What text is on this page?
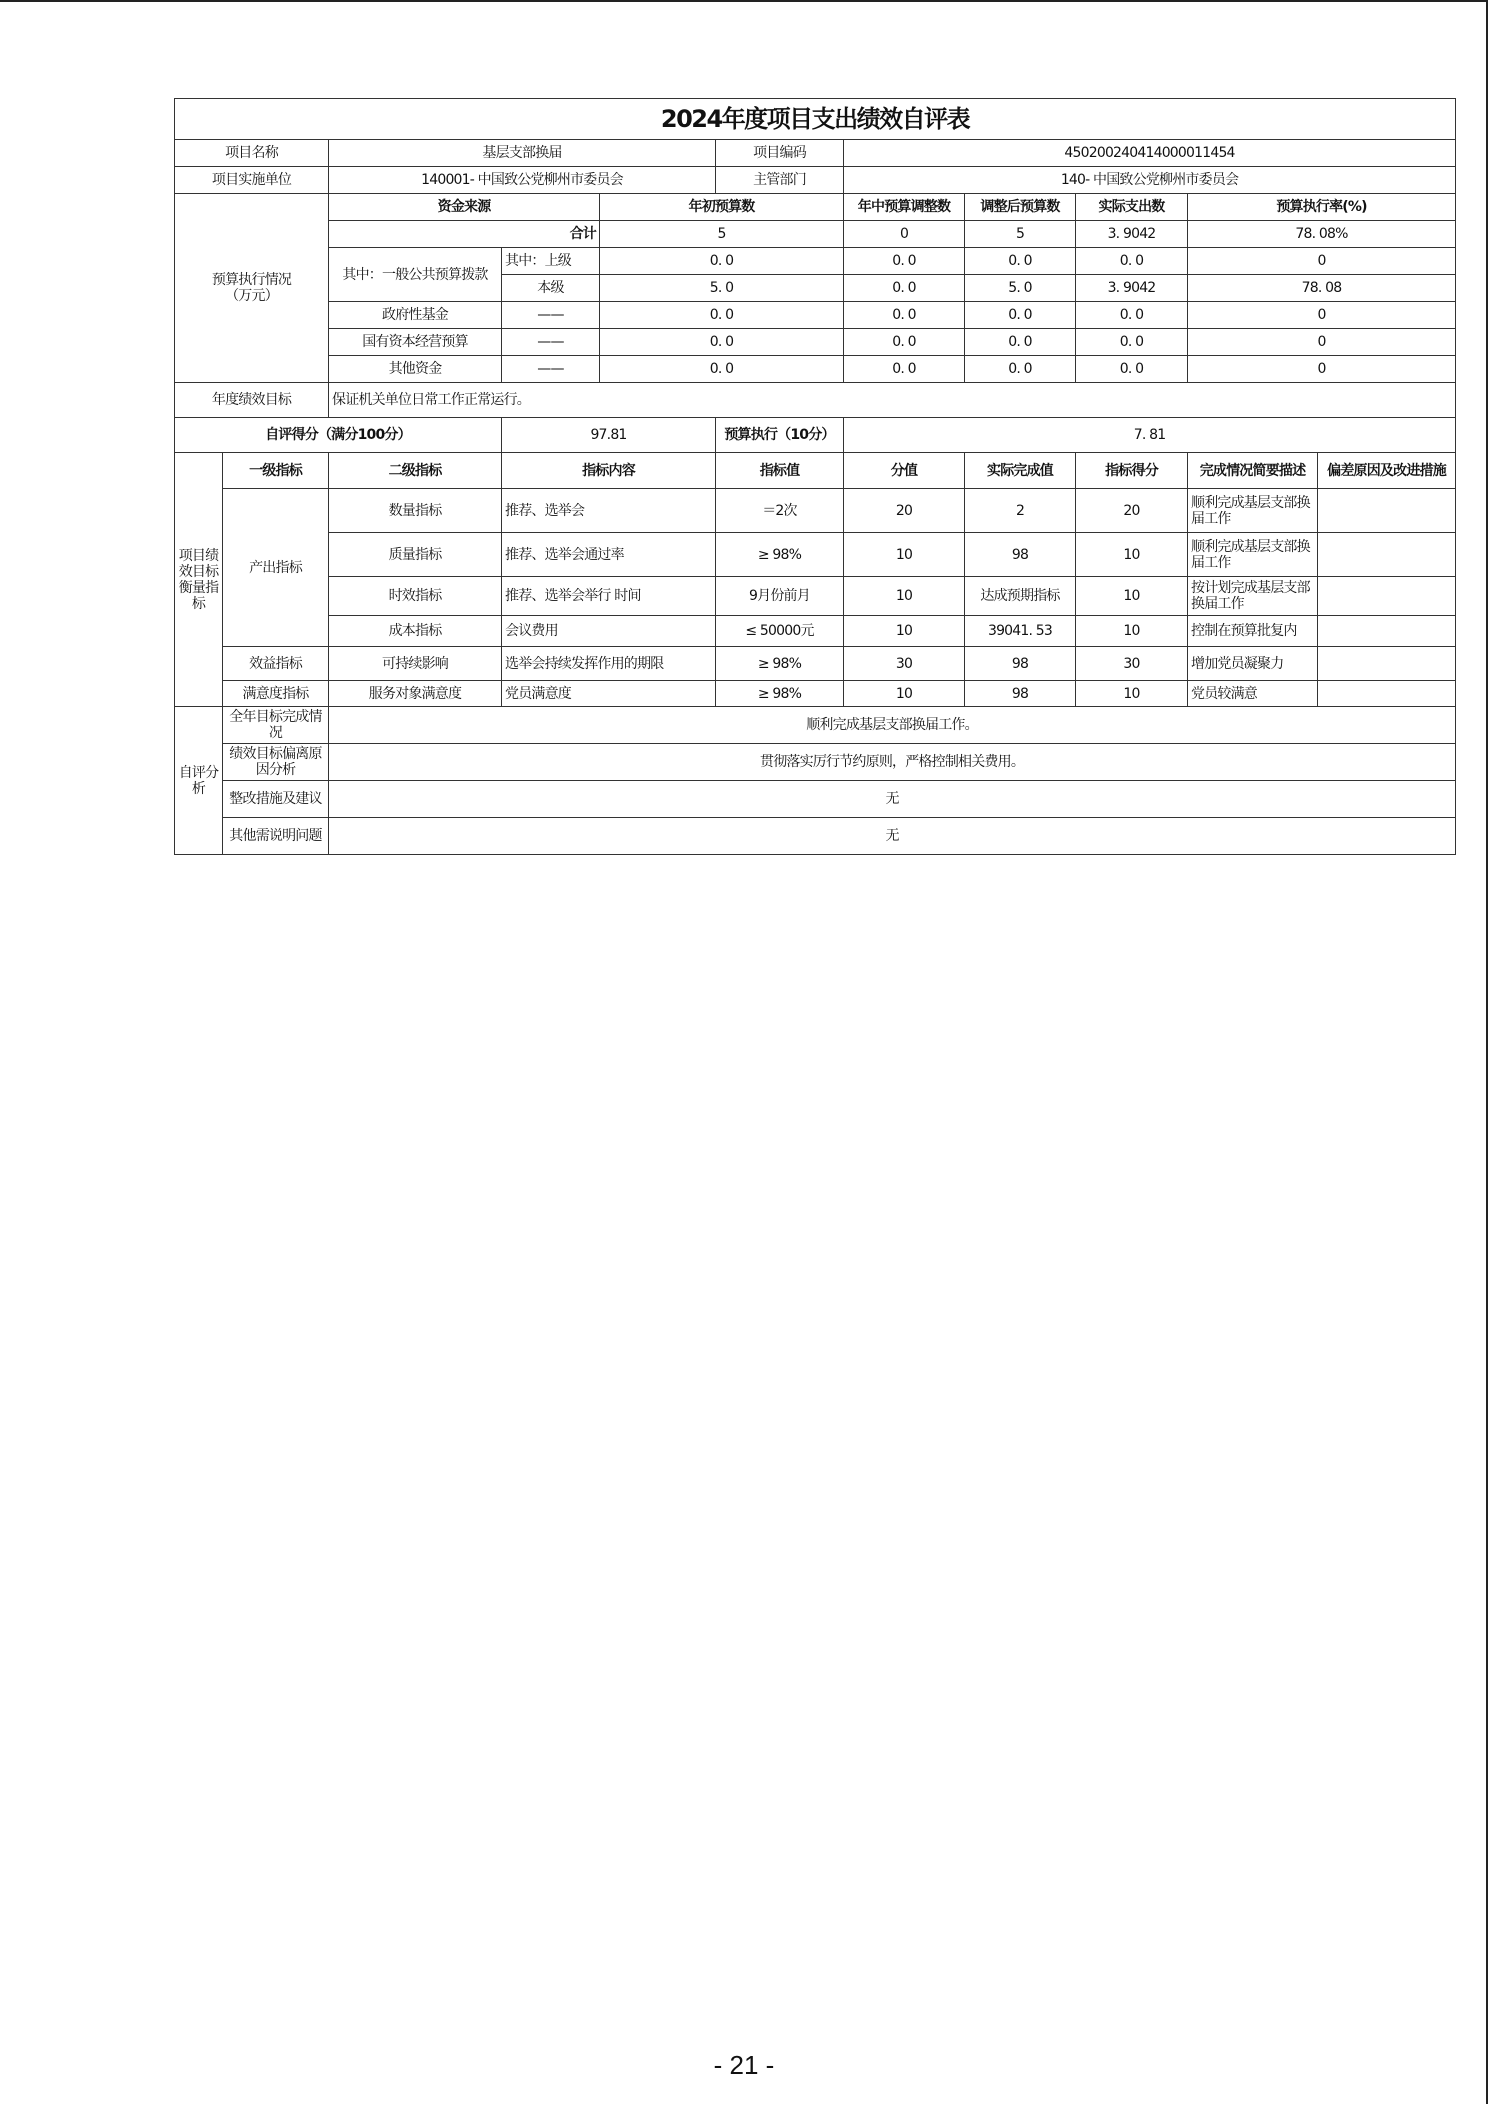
2024年度项目支出绩效自评表										
项目名称		基层支部换届			项目编码	450200240414000011454				
项目实施单位		140001- 中国致公党柳州市委员会			主管部门	140- 中国致公党柳州市委员会				
预算执行情况
（万元）		资金来源		年初预算数		年中预算调整数	调整后预算数	实际支出数	预算执行率(%)	
		合计		5		0	5	3. 9042	78. 08%	
		其中：一般公共预算拨款	其中：上级	0. 0		0. 0	0. 0	0. 0	0	
			本级	5. 0		0. 0	5. 0	3. 9042	78. 08	
		政府性基金	——	0. 0		0. 0	0. 0	0. 0	0	
		国有资本经营预算	——	0. 0		0. 0	0. 0	0. 0	0	
		其他资金	——	0. 0		0. 0	0. 0	0. 0	0	
年度绩效目标		保证机关单位日常工作正常运行。								
自评得分（满分100分）			97.81		预算执行（10分）	7. 81				
项目绩效目标衡量指标	一级指标	二级指标	指标内容		指标值	分值	实际完成值	指标得分	完成情况简要描述	偏差原因及改进措施
	产出指标	数量指标	推荐、选举会		＝2次	20	2	20	顺利完成基层支部换届工作	
		质量指标	推荐、选举会通过率		≥ 98%	10	98	10	顺利完成基层支部换届工作	
		时效指标	推荐、选举会举行 时间		9月份前月	10	达成预期指标	10	按计划完成基层支部换届工作	
		成本指标	会议费用		≤ 50000元	10	39041. 53	10	控制在预算批复内	
	效益指标	可持续影响	选举会持续发挥作用的期限		≥ 98%	30	98	30	增加党员凝聚力	
	满意度指标	服务对象满意度	党员满意度		≥ 98%	10	98	10	党员较满意	
自评分析	全年目标完成情况	顺利完成基层支部换届工作。								
	绩效目标偏离原因分析	贯彻落实厉行节约原则，严格控制相关费用。								
	整改措施及建议	无								
	其他需说明问题	无								
- 21 -
